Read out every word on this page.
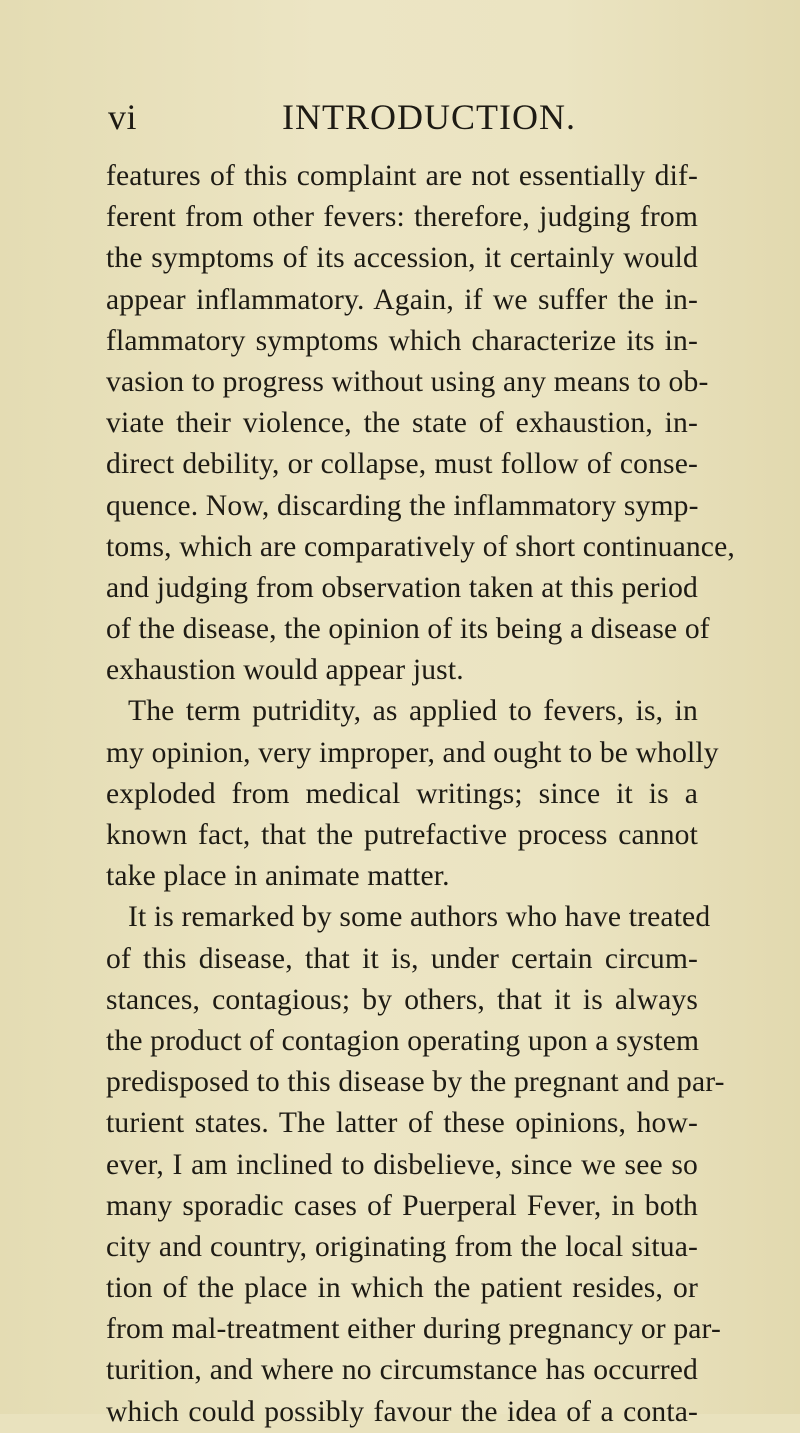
vi	INTRODUCTION.
features of this complaint are not essentially dif-
ferent from other fevers: therefore, judging from
the symptoms of its accession, it certainly would
appear inflammatory. Again, if we suffer the in-
flammatory symptoms which characterize its in-
vasion to progress without using any means to ob-
viate their violence, the state of exhaustion, in-
direct debility, or collapse, must follow of conse-
quence. Now, discarding the inflammatory symp-
toms, which are comparatively of short continuance,
and judging from observation taken at this period
of the disease, the opinion of its being a disease of
exhaustion would appear just.
The term putridity, as applied to fevers, is, in
my opinion, very improper, and ought to be wholly
exploded from medical writings; since it is a
known fact, that the putrefactive process cannot
take place in animate matter.
It is remarked by some authors who have treated
of this disease, that it is, under certain circum-
stances, contagious; by others, that it is always
the product of contagion operating upon a system
predisposed to this disease by the pregnant and par-
turient states. The latter of these opinions, how-
ever, I am inclined to disbelieve, since we see so
many sporadic cases of Puerperal Fever, in both
city and country, originating from the local situa-
tion of the place in which the patient resides, or
from mal-treatment either during pregnancy or par-
turition, and where no circumstance has occurred
which could possibly favour the idea of a conta-
